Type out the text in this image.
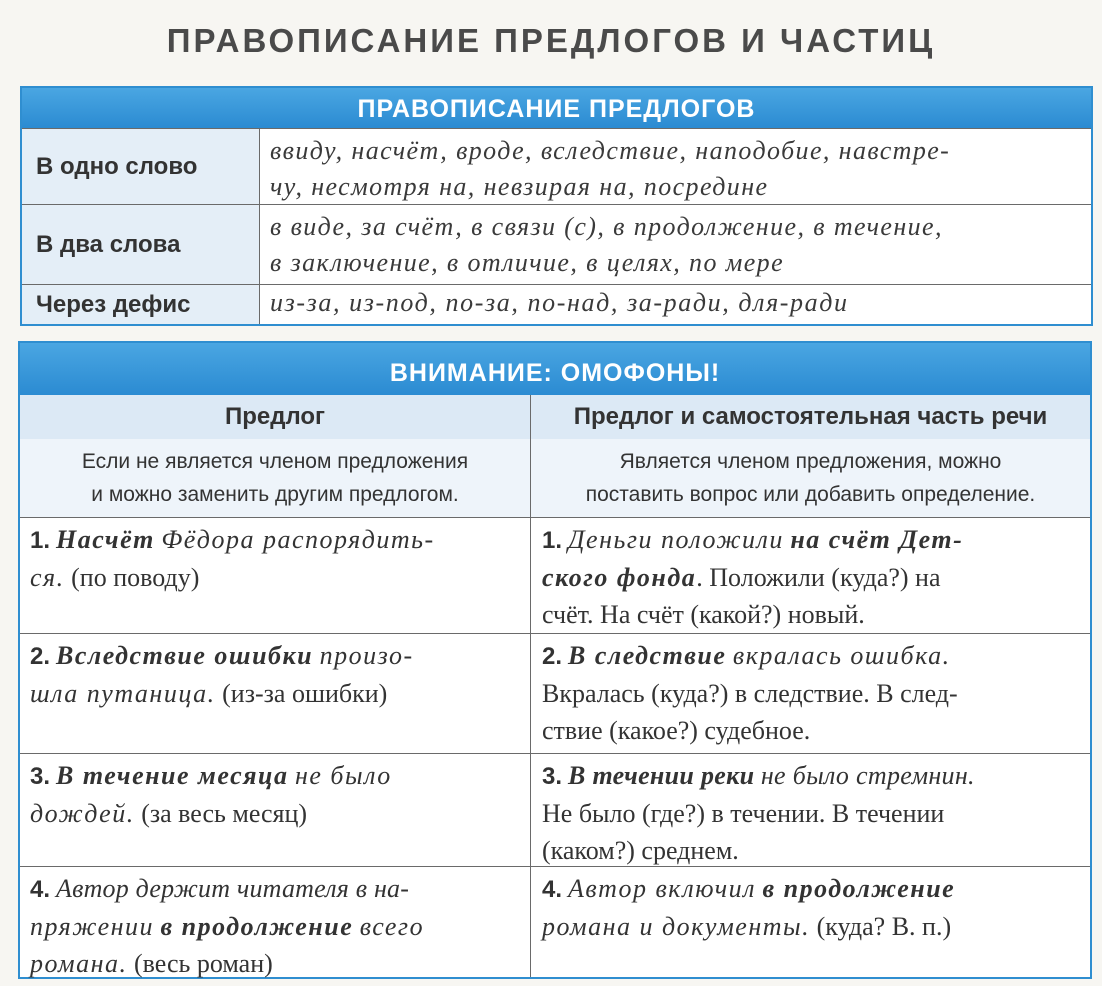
ПРАВОПИСАНИЕ ПРЕДЛОГОВ И ЧАСТИЦ
ПРАВОПИСАНИЕ ПРЕДЛОГОВ
В одно слово
ввиду, насчёт, вроде, вследствие, наподобие, навстре-
чу, несмотря на, невзирая на, посредине
В два слова
в виде, за счёт, в связи (с), в продолжение, в течение,
в заключение, в отличие, в целях, по мере
Через дефис	из-за, из-под, по-за, по-над, за-ради, для-ради
ВНИМАНИЕ: ОМОФОНЫ!
Предлог	Предлог и самостоятельная часть речи
Если не является членом предложения
и можно заменить другим предлогом.
Является членом предложения, можно
поставить вопрос или добавить определение.
1. Насчёт Фёдора распорядить-
ся. (по поводу)
1. Деньги положили на счёт Дет-
ского фонда. Положили (куда?) на
счёт. На счёт (какой?) новый.
2. Вследствие ошибки произо-
шла путаница. (из-за ошибки)
2. В следствие вкралась ошибка.
Вкралась (куда?) в следствие. В след-
ствие (какое?) судебное.
3. В течение месяца не было
дождей. (за весь месяц)
3. В течении реки не было стремнин.
Не было (где?) в течении. В течении
(каком?) среднем.
4. Автор держит читателя в на-
пряжении в продолжение всего
романа. (весь роман)
4. Автор включил в продолжение
романа и документы. (куда? В. п.)
